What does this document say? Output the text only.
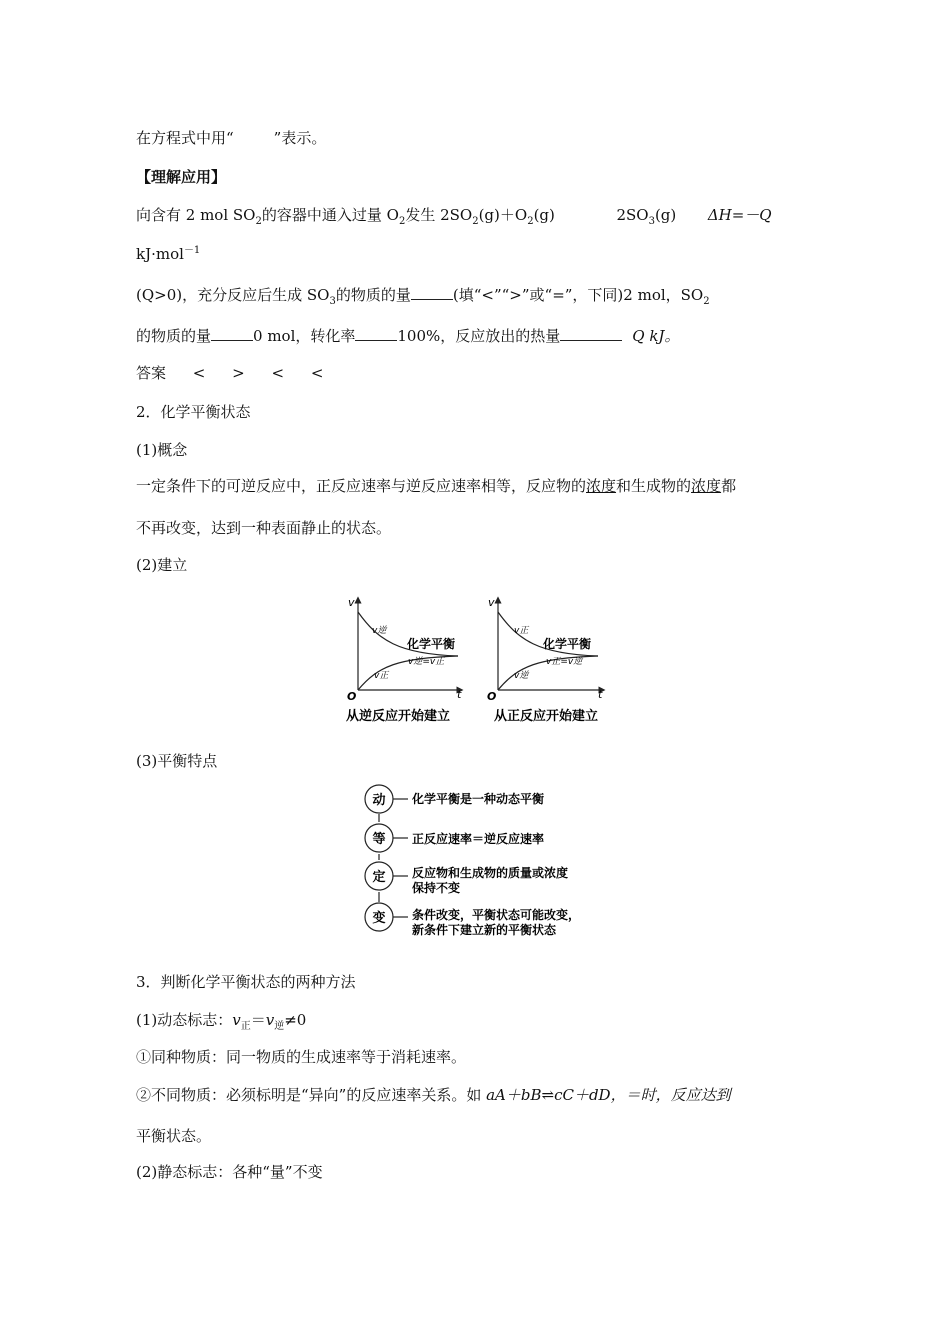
在方程式中用“	”表示。
【理解应用】
向含有 2 mol $SO_2$的容器中通入过量 $O_2$发生 $2SO_2(g)+O_2(g)$	$2SO_3(g)$ ΔH=－Q
kJ·mol$^{-1}$
(Q>0)，充分反应后生成 $SO_3$的物质的量	(填“<”“>”或“=”，下同)2 mol，$SO_2$
的物质的量	0 mol，转化率	100%，反应放出的热量	Q kJ。
答案 < > < <
2．化学平衡状态
(1)概念
一定条件下的可逆反应中，正反应速率与逆反应速率相等，反应物的浓度和生成物的浓度都
不再改变，达到一种表面静止的状态。
(2)建立
v
t
O
v逆
v正
化学平衡
v逆=v正
v
t
O
v正
v逆
化学平衡
v正=v逆
从逆反应开始建立	从正反应开始建立
(3)平衡特点
动 化学平衡是一种动态平衡
等 正反应速率＝逆反应速率
定 反应物和生成物的质量或浓度
保持不变
变 条件改变，平衡状态可能改变，
新条件下建立新的平衡状态
3．判断化学平衡状态的两种方法
(1)动态标志：$v_正=v_逆\ne 0$
①同种物质：同一物质的生成速率等于消耗速率。
②不同物质：必须标明是“异向”的反应速率关系。如 aA＋bB⇌cC＋dD，＝时，反应达到
平衡状态。
(2)静态标志：各种“量”不变
